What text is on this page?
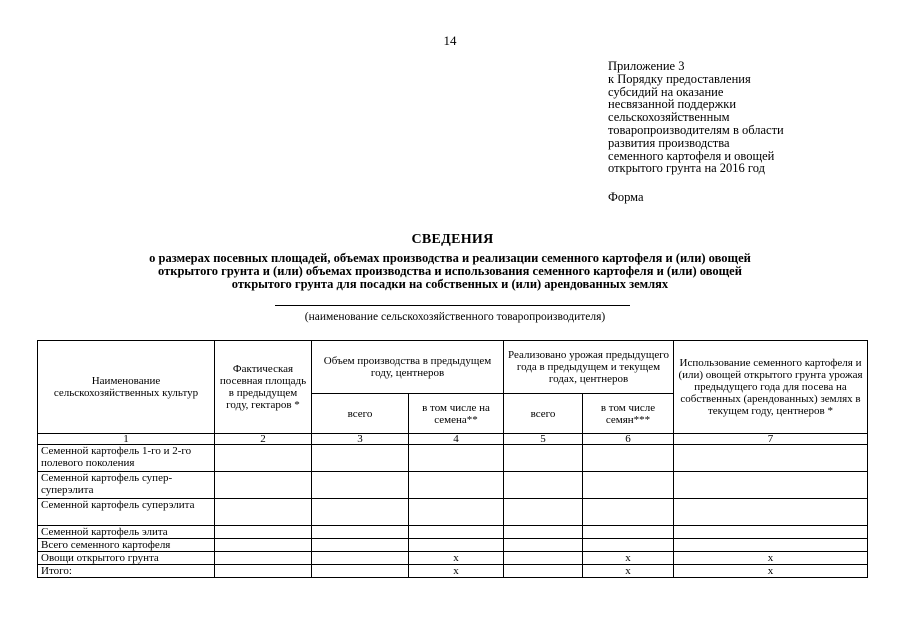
14
Приложение 3
к Порядку предоставления
субсидий на оказание
несвязанной поддержки
сельскохозяйственным
товаропроизводителям в области
развития производства
семенного картофеля и овощей
открытого грунта на 2016 год
Форма
СВЕДЕНИЯ
о размерах посевных площадей, объемах производства и реализации семенного картофеля и (или) овощей
открытого грунта и (или) объемах производства и использования семенного картофеля и (или) овощей
открытого грунта для посадки на собственных и (или) арендованных землях
(наименование сельскохозяйственного товаропроизводителя)
Наименование сельскохозяйственных культур	Фактическая посевная площадь в предыдущем году, гектаров *	Объем производства в предыдущем году, центнеров		Реализовано урожая предыдущего года в предыдущем и текущем годах, центнеров		Использование семенного картофеля и (или) овощей открытого грунта урожая предыдущего года для посева на собственных (арендованных) землях в текущем году, центнеров *
		всего	в том числе на семена**	всего	в том числе семян***	
1	2	3	4	5	6	7
Семенной картофель 1-го и 2-го полевого поколения						
Семенной картофель супер-суперэлита						
Семенной картофель суперэлита						
Семенной картофель элита						
Всего семенного картофеля						
Овощи открытого грунта			х		х	х
Итого:			х		х	х
